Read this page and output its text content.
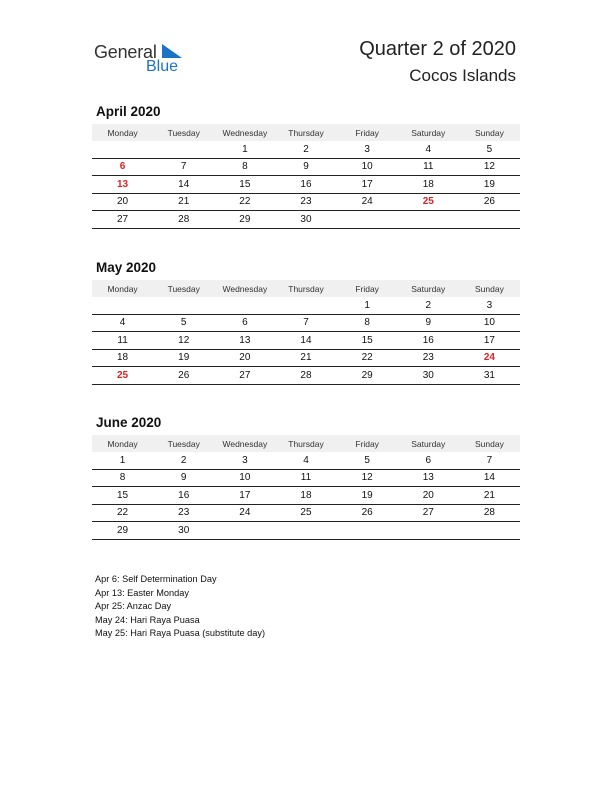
General
Blue
Quarter 2 of 2020
Cocos Islands
April 2020
Monday	Tuesday	Wednesday	Thursday	Friday	Saturday	Sunday
		1	2	3	4	5
6	7	8	9	10	11	12
13	14	15	16	17	18	19
20	21	22	23	24	25	26
27	28	29	30			
May 2020
Monday	Tuesday	Wednesday	Thursday	Friday	Saturday	Sunday
				1	2	3
4	5	6	7	8	9	10
11	12	13	14	15	16	17
18	19	20	21	22	23	24
25	26	27	28	29	30	31
June 2020
Monday	Tuesday	Wednesday	Thursday	Friday	Saturday	Sunday
1	2	3	4	5	6	7
8	9	10	11	12	13	14
15	16	17	18	19	20	21
22	23	24	25	26	27	28
29	30					
Apr 6: Self Determination Day
Apr 13: Easter Monday
Apr 25: Anzac Day
May 24: Hari Raya Puasa
May 25: Hari Raya Puasa (substitute day)
